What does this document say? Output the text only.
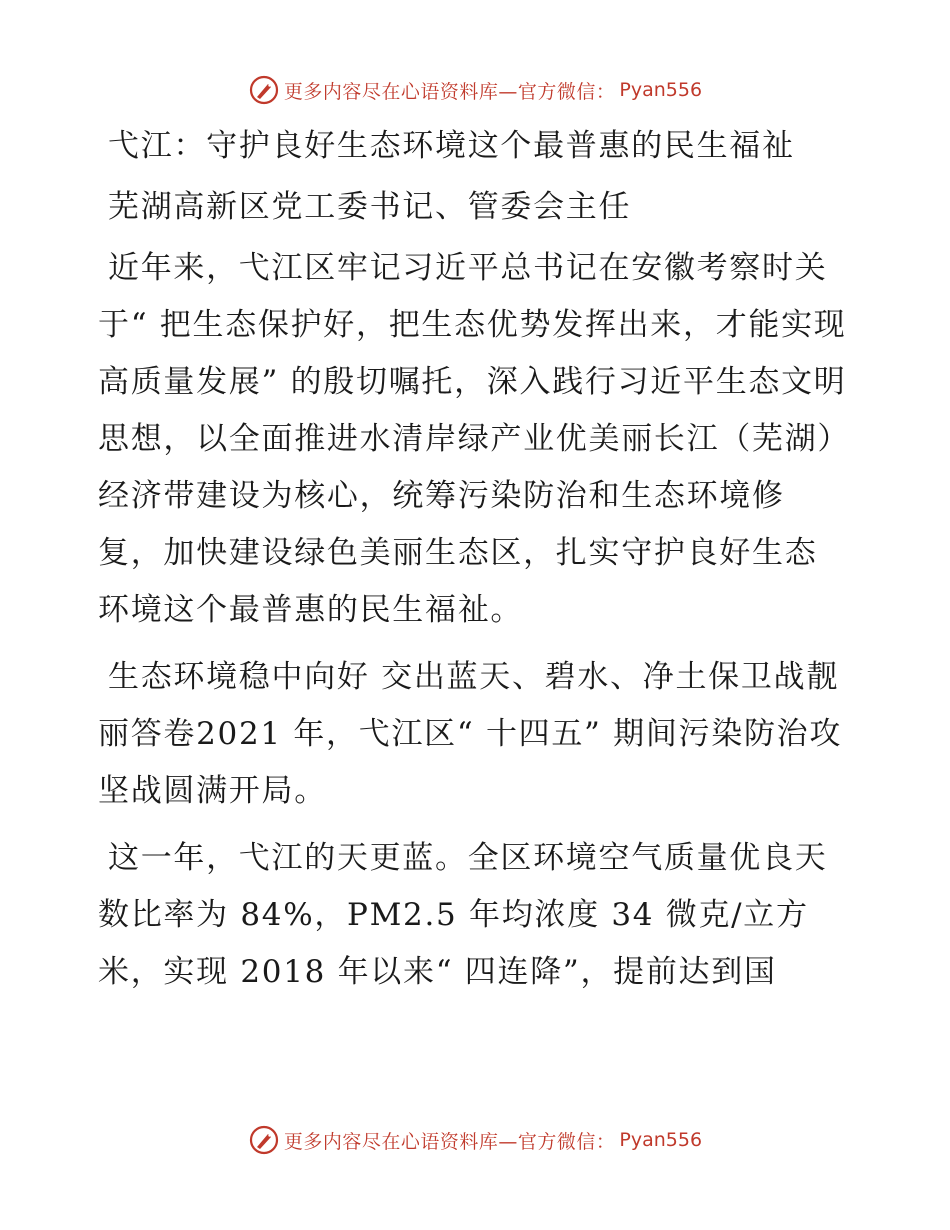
更多内容尽在心语资料库—官方微信： Pyan556

弋江：守护良好生态环境这个最普惠的民生福祉

芜湖高新区党工委书记、管委会主任

近年来，弋江区牢记习近平总书记在安徽考察时关于“ 把生态保护好，把生态优势发挥出来，才能实现高质量发展” 的殷切嘱托，深入践行习近平生态文明思想，以全面推进水清岸绿产业优美丽长江（芜湖）经济带建设为核心，统筹污染防治和生态环境修复，加快建设绿色美丽生态区，扎实守护良好生态环境这个最普惠的民生福祉。

生态环境稳中向好 交出蓝天、碧水、净土保卫战靓丽答卷2021 年，弋江区“ 十四五” 期间污染防治攻坚战圆满开局。

这一年，弋江的天更蓝。全区环境空气质量优良天数比率为 84%，PM2.5 年均浓度 34 微克/立方米，实现 2018 年以来“ 四连降”，提前达到国

更多内容尽在心语资料库—官方微信： Pyan556
